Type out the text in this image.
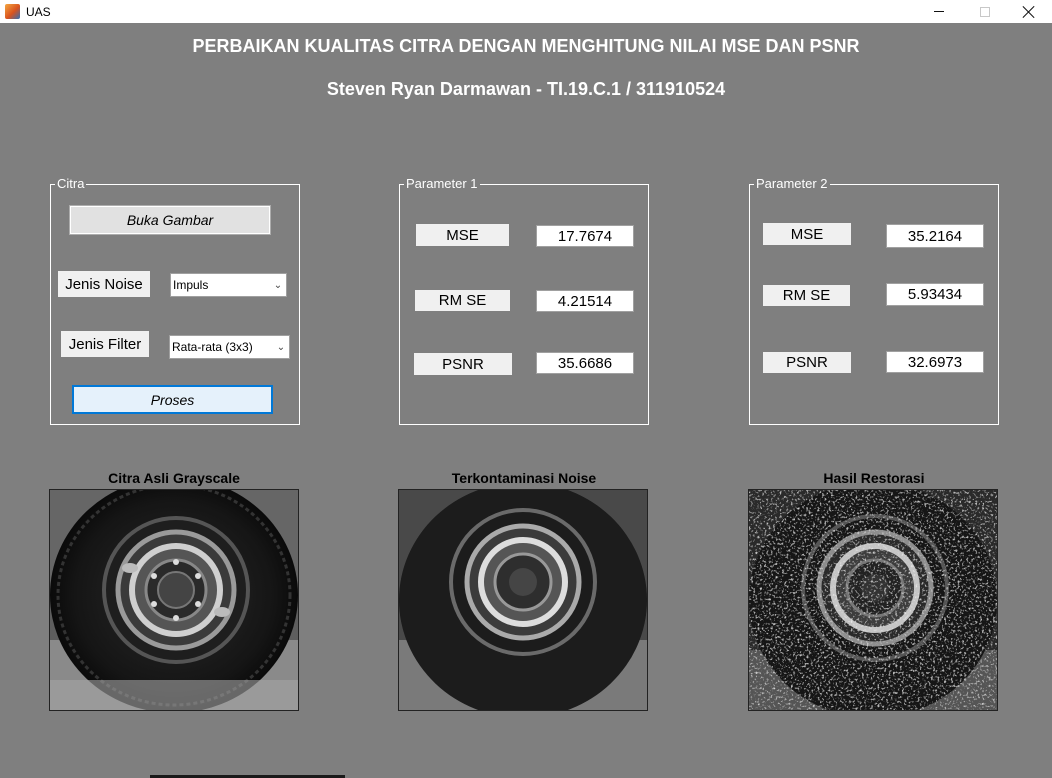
UAS
PERBAIKAN KUALITAS CITRA DENGAN MENGHITUNG NILAI MSE DAN PSNR
Steven Ryan Darmawan - TI.19.C.1 / 311910524
Citra
Buka Gambar
Jenis Noise	Impuls	⌄
Jenis Filter	Rata-rata (3x3)	⌄
Proses
Parameter 1
MSE	17.7674
RM SE	4.21514
PSNR	35.6686
Parameter 2
MSE	35.2164
RM SE	5.93434
PSNR	32.6973
Citra Asli Grayscale	Terkontaminasi Noise	Hasil Restorasi
